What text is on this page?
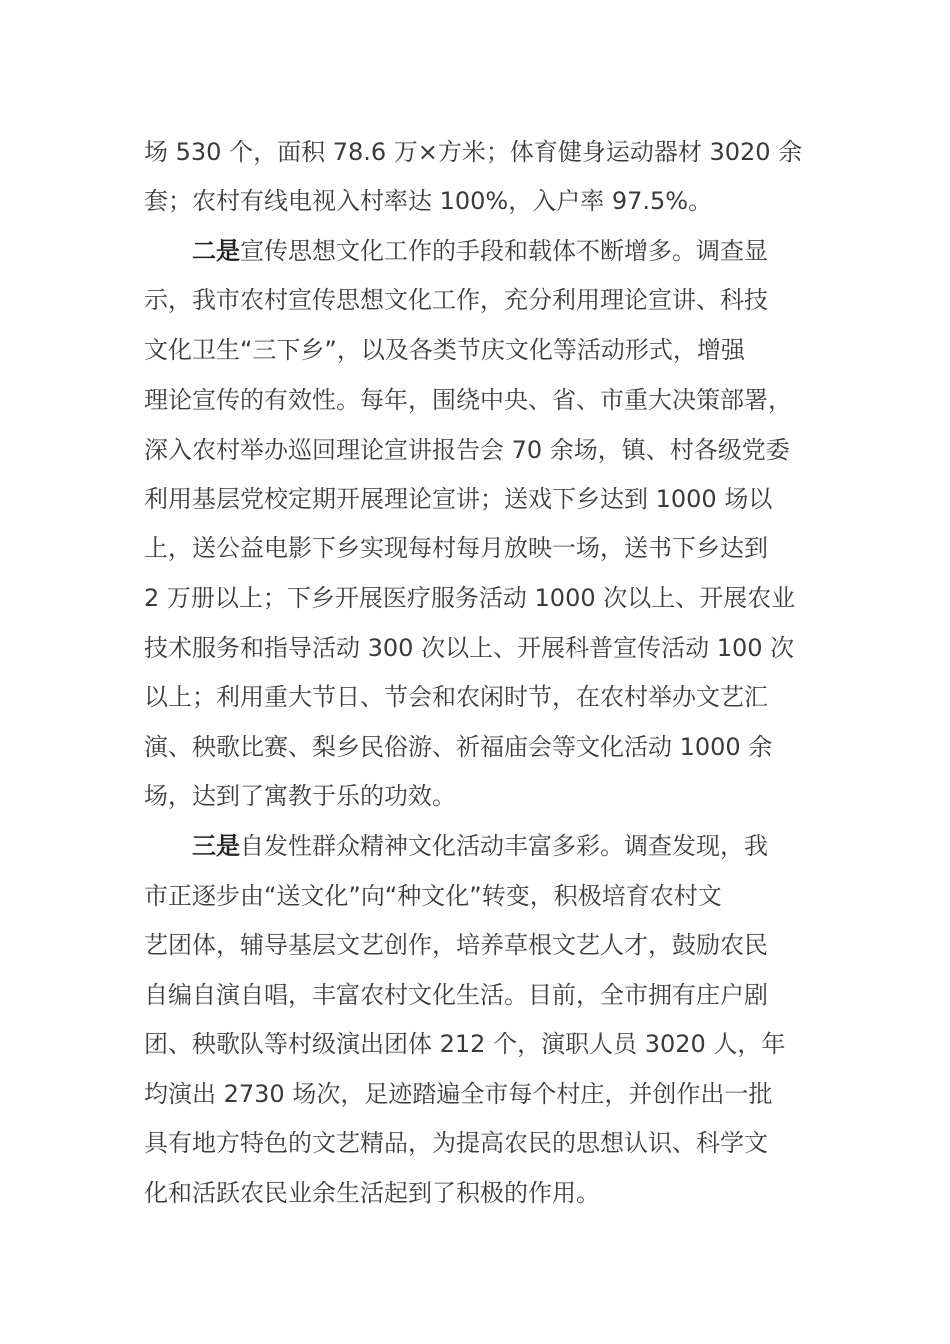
场 530 个，面积 78.6 万×方米；体育健身运动器材 3020 余
套；农村有线电视入村率达 100%，入户率 97.5%。
二是宣传思想文化工作的手段和载体不断增多。调查显
示，我市农村宣传思想文化工作，充分利用理论宣讲、科技
文化卫生“三下乡”，以及各类节庆文化等活动形式，增强
理论宣传的有效性。每年，围绕中央、省、市重大决策部署，
深入农村举办巡回理论宣讲报告会 70 余场，镇、村各级党委
利用基层党校定期开展理论宣讲；送戏下乡达到 1000 场以
上，送公益电影下乡实现每村每月放映一场，送书下乡达到
2 万册以上；下乡开展医疗服务活动 1000 次以上、开展农业
技术服务和指导活动 300 次以上、开展科普宣传活动 100 次
以上；利用重大节日、节会和农闲时节，在农村举办文艺汇
演、秧歌比赛、梨乡民俗游、祈福庙会等文化活动 1000 余
场，达到了寓教于乐的功效。
三是自发性群众精神文化活动丰富多彩。调查发现，我
市正逐步由“送文化”向“种文化”转变，积极培育农村文
艺团体，辅导基层文艺创作，培养草根文艺人才，鼓励农民
自编自演自唱，丰富农村文化生活。目前，全市拥有庄户剧
团、秧歌队等村级演出团体 212 个，演职人员 3020 人，年
均演出 2730 场次，足迹踏遍全市每个村庄，并创作出一批
具有地方特色的文艺精品，为提高农民的思想认识、科学文
化和活跃农民业余生活起到了积极的作用。
